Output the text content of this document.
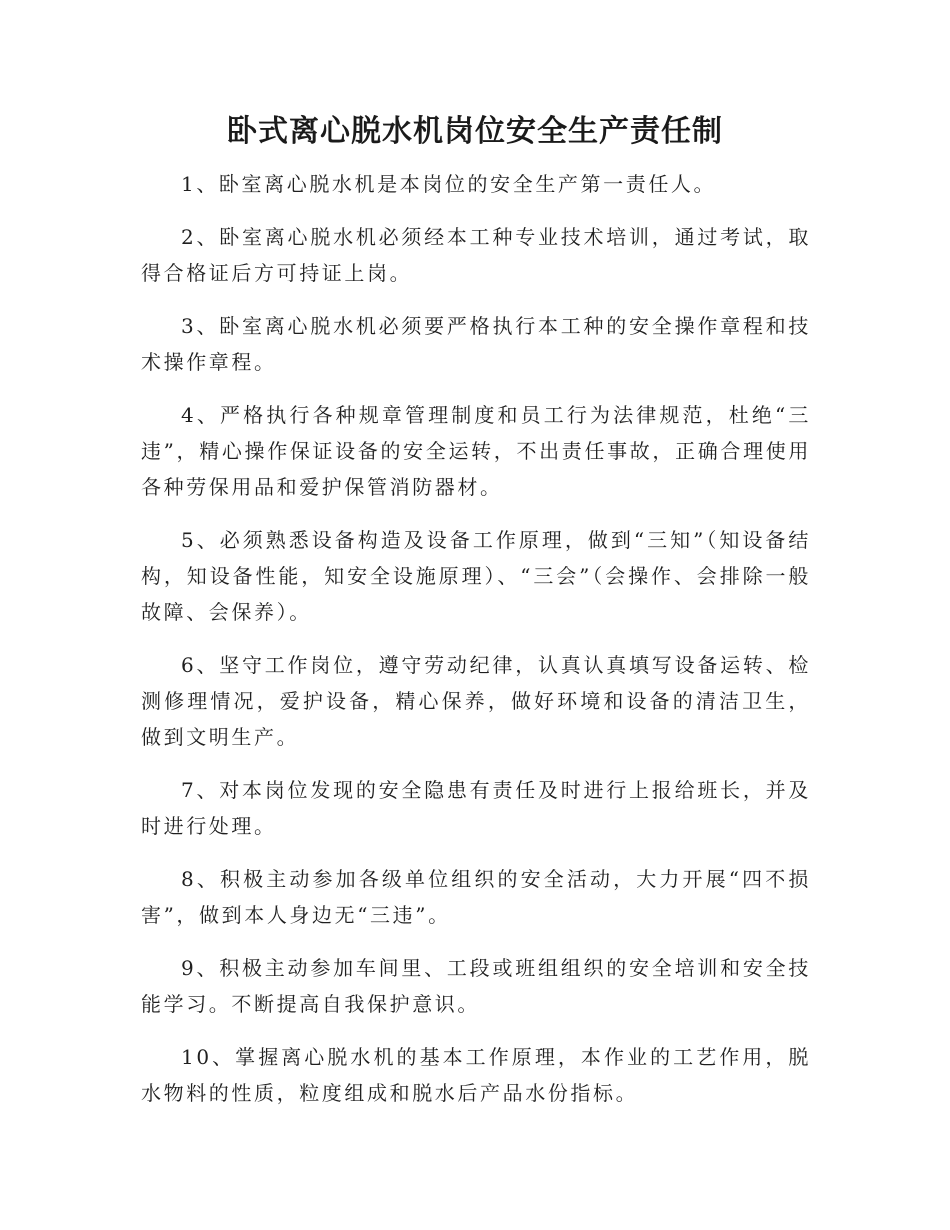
卧式离心脱水机岗位安全生产责任制

1、卧室离心脱水机是本岗位的安全生产第一责任人。

2、卧室离心脱水机必须经本工种专业技术培训，通过考试，取得合格证后方可持证上岗。

3、卧室离心脱水机必须要严格执行本工种的安全操作章程和技术操作章程。

4、严格执行各种规章管理制度和员工行为法律规范，杜绝“三违”，精心操作保证设备的安全运转，不出责任事故，正确合理使用各种劳保用品和爱护保管消防器材。

5、必须熟悉设备构造及设备工作原理，做到“三知”（知设备结构，知设备性能，知安全设施原理）、“三会”（会操作、会排除一般故障、会保养）。

6、坚守工作岗位，遵守劳动纪律，认真认真填写设备运转、检测修理情况，爱护设备，精心保养，做好环境和设备的清洁卫生，做到文明生产。

7、对本岗位发现的安全隐患有责任及时进行上报给班长，并及时进行处理。

8、积极主动参加各级单位组织的安全活动，大力开展“四不损害”，做到本人身边无“三违”。

9、积极主动参加车间里、工段或班组组织的安全培训和安全技能学习。不断提高自我保护意识。

10、掌握离心脱水机的基本工作原理，本作业的工艺作用，脱水物料的性质，粒度组成和脱水后产品水份指标。
